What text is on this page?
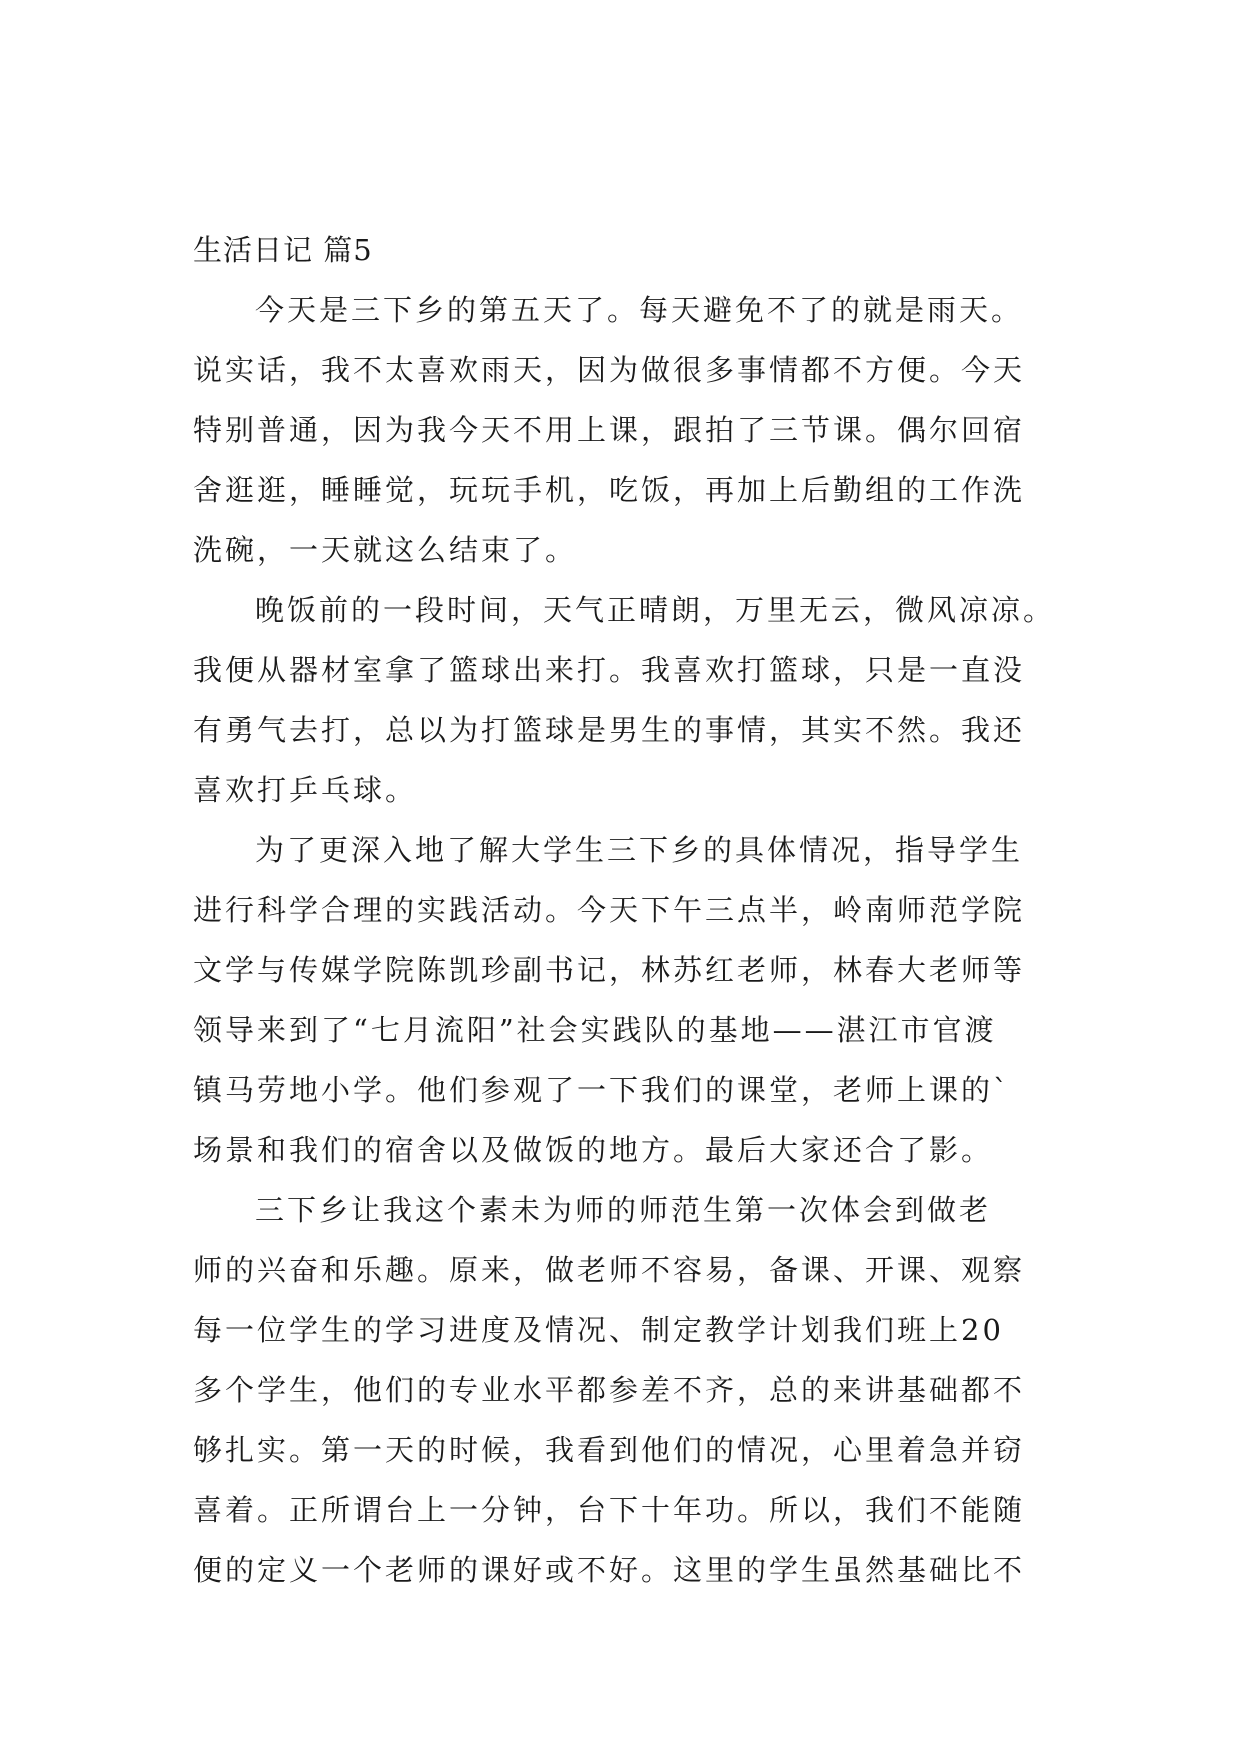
生活日记 篇5
今天是三下乡的第五天了。每天避免不了的就是雨天。
说实话，我不太喜欢雨天，因为做很多事情都不方便。今天
特别普通，因为我今天不用上课，跟拍了三节课。偶尔回宿
舍逛逛，睡睡觉，玩玩手机，吃饭，再加上后勤组的工作洗
洗碗，一天就这么结束了。
晚饭前的一段时间，天气正晴朗，万里无云，微风凉凉。
我便从器材室拿了篮球出来打。我喜欢打篮球，只是一直没
有勇气去打，总以为打篮球是男生的事情，其实不然。我还
喜欢打乒乓球。
为了更深入地了解大学生三下乡的具体情况，指导学生
进行科学合理的实践活动。今天下午三点半，岭南师范学院
文学与传媒学院陈凯珍副书记，林苏红老师，林春大老师等
领导来到了“七月流阳”社会实践队的基地——湛江市官渡
镇马劳地小学。他们参观了一下我们的课堂，老师上课的`
场景和我们的宿舍以及做饭的地方。最后大家还合了影。
三下乡让我这个素未为师的师范生第一次体会到做老
师的兴奋和乐趣。原来，做老师不容易，备课、开课、观察
每一位学生的学习进度及情况、制定教学计划我们班上20
多个学生，他们的专业水平都参差不齐，总的来讲基础都不
够扎实。第一天的时候，我看到他们的情况，心里着急并窃
喜着。正所谓台上一分钟，台下十年功。所以，我们不能随
便的定义一个老师的课好或不好。这里的学生虽然基础比不
